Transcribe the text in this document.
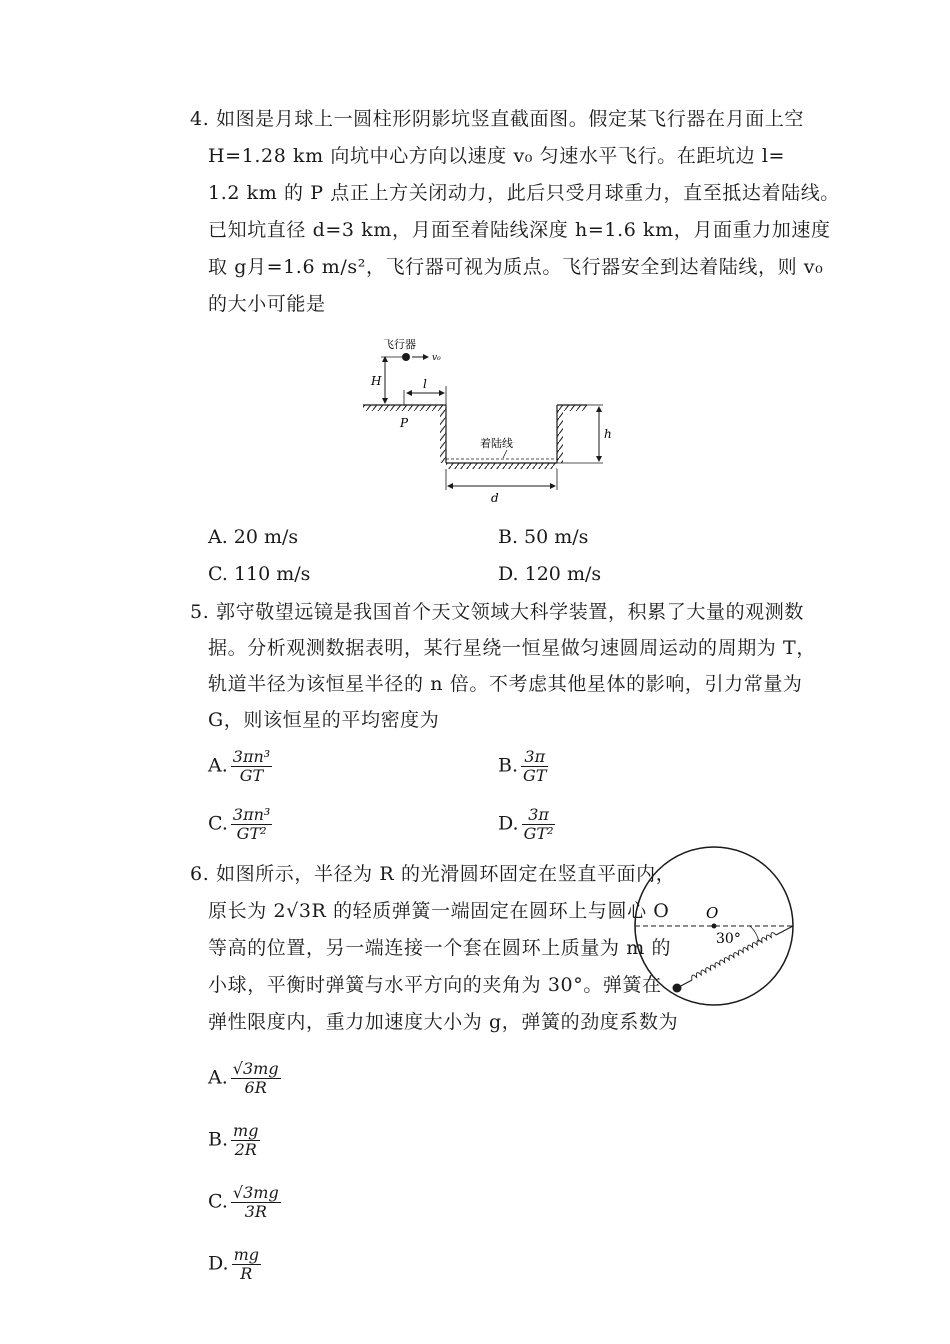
4. 如图是月球上一圆柱形阴影坑竖直截面图。假定某飞行器在月面上空
H=1.28 km 向坑中心方向以速度 v₀ 匀速水平飞行。在距坑边 l=
1.2 km 的 P 点正上方关闭动力，此后只受月球重力，直至抵达着陆线。
已知坑直径 d=3 km，月面至着陆线深度 h=1.6 km，月面重力加速度
取 g月=1.6 m/s²，飞行器可视为质点。飞行器安全到达着陆线，则 v₀
的大小可能是
飞行器
v₀
H
P
l
着陆线
h
d
A. 20 m/s	B. 50 m/s
C. 110 m/s	D. 120 m/s
5. 郭守敬望远镜是我国首个天文领域大科学装置，积累了大量的观测数
据。分析观测数据表明，某行星绕一恒星做匀速圆周运动的周期为 T，
轨道半径为该恒星半径的 n 倍。不考虑其他星体的影响，引力常量为
G，则该恒星的平均密度为
A. $\frac{\text{3πn³}}{GT}$	B. $\frac{3\pi}{GT}$
C. $\frac{\text{3πn³}}{\text{GT²}}$	D. $\frac{3\pi}{\text{GT²}}$
6. 如图所示，半径为 R 的光滑圆环固定在竖直平面内，
原长为 2√3R 的轻质弹簧一端固定在圆环上与圆心 O
等高的位置，另一端连接一个套在圆环上质量为 m 的
小球，平衡时弹簧与水平方向的夹角为 30°。弹簧在
弹性限度内，重力加速度大小为 g，弹簧的劲度系数为
O
30°
A. $\frac{√3mg}{6R}$
B. $\frac{mg}{2R}$
C. $\frac{√3mg}{3R}$
D. $\frac{mg}{R}$
